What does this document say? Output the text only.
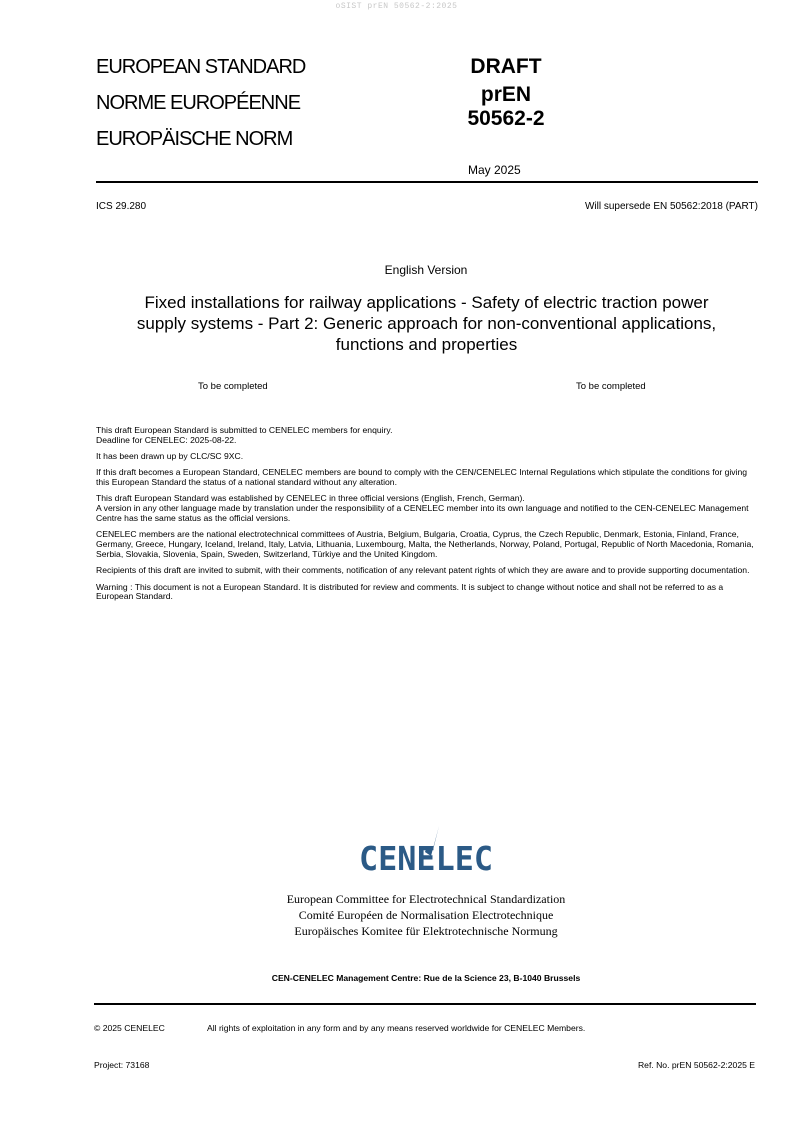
oSIST prEN 50562-2:2025
EUROPEAN STANDARD
NORME EUROPÉENNE
EUROPÄISCHE NORM
DRAFT
prEN 50562-2
May 2025
ICS 29.280	Will supersede EN 50562:2018 (PART)
English Version
Fixed installations for railway applications - Safety of electric traction power supply systems - Part 2: Generic approach for non-conventional applications, functions and properties
To be completed	To be completed

This draft European Standard is submitted to CENELEC members for enquiry.
Deadline for CENELEC: 2025-08-22.

It has been drawn up by CLC/SC 9XC.

If this draft becomes a European Standard, CENELEC members are bound to comply with the CEN/CENELEC Internal Regulations which stipulate the conditions for giving this European Standard the status of a national standard without any alteration.

This draft European Standard was established by CENELEC in three official versions (English, French, German).
A version in any other language made by translation under the responsibility of a CENELEC member into its own language and notified to the CEN-CENELEC Management Centre has the same status as the official versions.

CENELEC members are the national electrotechnical committees of Austria, Belgium, Bulgaria, Croatia, Cyprus, the Czech Republic, Denmark, Estonia, Finland, France, Germany, Greece, Hungary, Iceland, Ireland, Italy, Latvia, Lithuania, Luxembourg, Malta, the Netherlands, Norway, Poland, Portugal, Republic of North Macedonia, Romania, Serbia, Slovakia, Slovenia, Spain, Sweden, Switzerland, Türkiye and the United Kingdom.

Recipients of this draft are invited to submit, with their comments, notification of any relevant patent rights of which they are aware and to provide supporting documentation.

Warning : This document is not a European Standard. It is distributed for review and comments. It is subject to change without notice and shall not be referred to as a European Standard.

CENELEC
European Committee for Electrotechnical Standardization
Comité Européen de Normalisation Electrotechnique
Europäisches Komitee für Elektrotechnische Normung
CEN-CENELEC Management Centre: Rue de la Science 23, B-1040 Brussels
© 2025 CENELEC	All rights of exploitation in any form and by any means reserved worldwide for CENELEC Members.
Project: 73168	Ref. No. prEN 50562-2:2025 E
